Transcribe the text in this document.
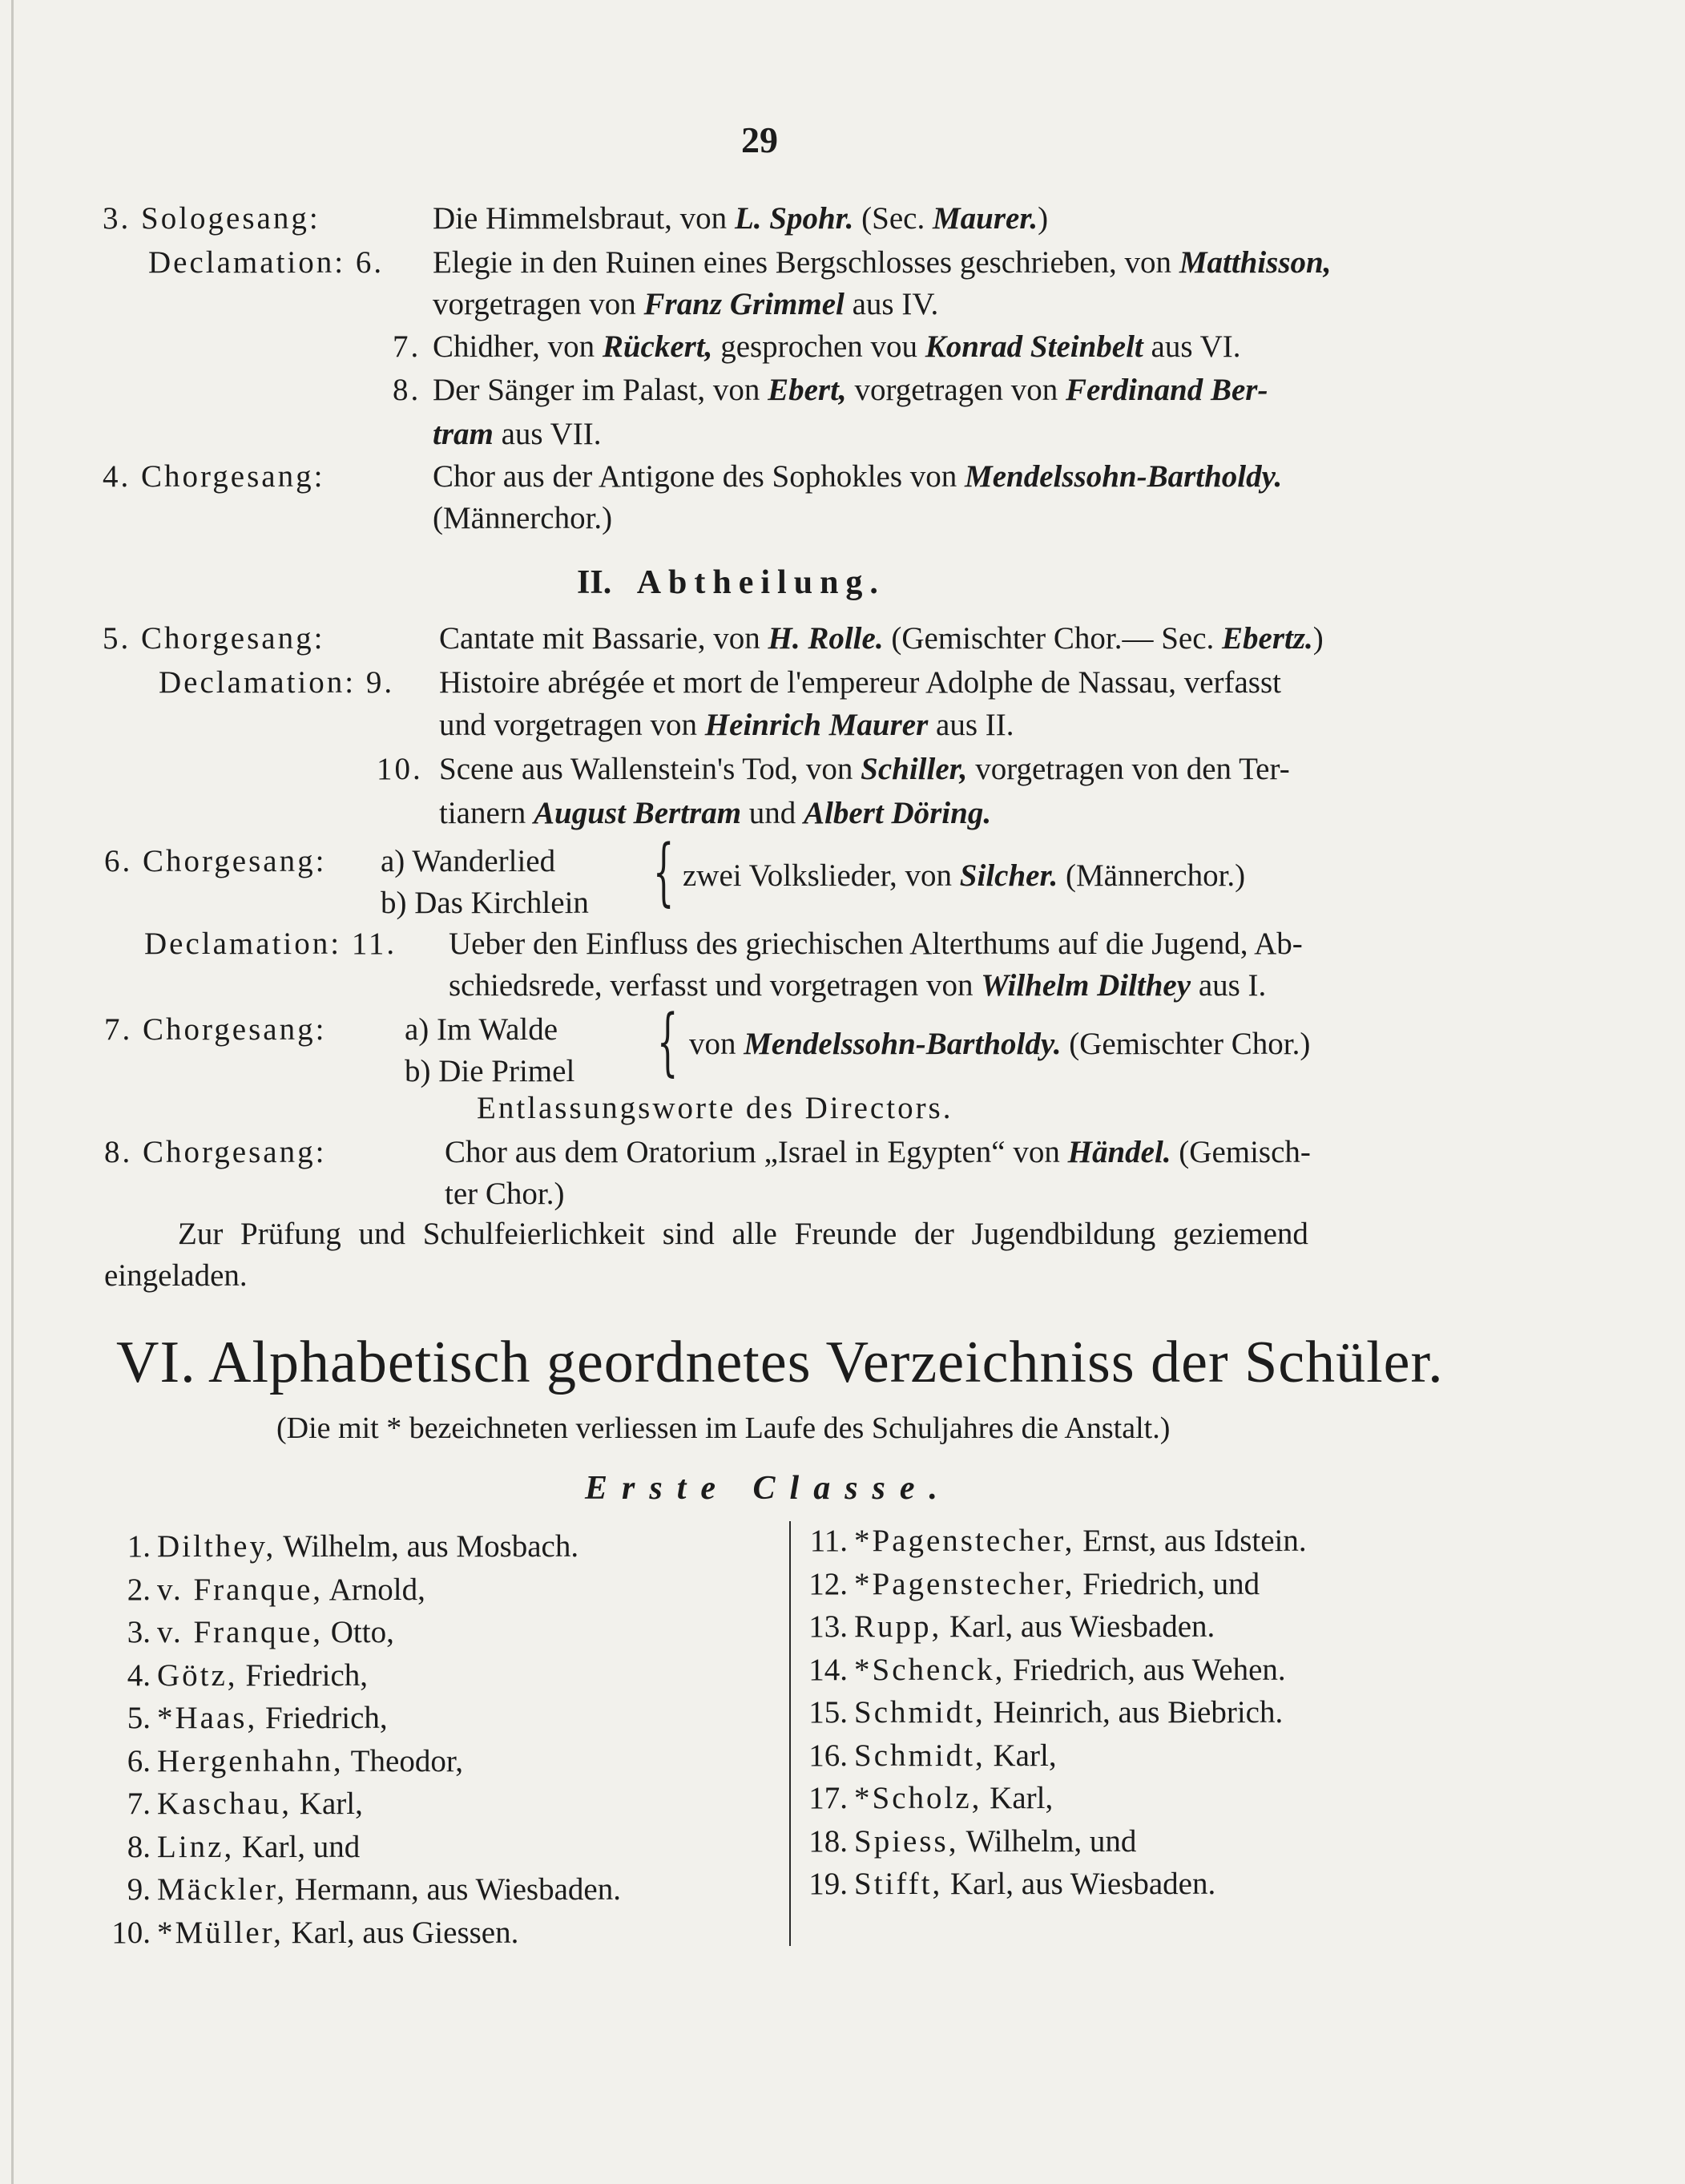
29
3. Sologesang:	Die Himmelsbraut, von L. Spohr. (Sec. Maurer.)
Declamation: 6. Elegie in den Ruinen eines Bergschlosses geschrieben, von Matthisson,
vorgetragen von Franz Grimmel aus IV.
7. Chidher, von Rückert, gesprochen vou Konrad Steinbelt aus VI.
8. Der Sänger im Palast, von Ebert, vorgetragen von Ferdinand Ber-
tram aus VII.
4. Chorgesang:	Chor aus der Antigone des Sophokles von Mendelssohn-Bartholdy.
(Männerchor.)
II. Abtheilung.
5. Chorgesang:	Cantate mit Bassarie, von H. Rolle. (Gemischter Chor.— Sec. Ebertz.)
Declamation: 9. Histoire abrégée et mort de l'empereur Adolphe de Nassau, verfasst
und vorgetragen von Heinrich Maurer aus II.
10. Scene aus Wallenstein's Tod, von Schiller, vorgetragen von den Ter-
tianern August Bertram und Albert Döring.
6. Chorgesang: a) Wanderlied
b) Das Kirchlein { zwei Volkslieder, von Silcher. (Männerchor.)
Declamation: 11. Ueber den Einfluss des griechischen Alterthums auf die Jugend, Ab-
schiedsrede, verfasst und vorgetragen von Wilhelm Dilthey aus I.
7. Chorgesang:	a) Im Walde
b) Die Primel { von Mendelssohn-Bartholdy. (Gemischter Chor.)
Entlassungsworte des Directors.
8. Chorgesang:	Chor aus dem Oratorium „Israel in Egypten“ von Händel. (Gemisch-
ter Chor.)
Zur Prüfung und Schulfeierlichkeit sind alle Freunde der Jugendbildung geziemend
eingeladen.
VI. Alphabetisch geordnetes Verzeichniss der Schüler.
(Die mit * bezeichneten verliessen im Laufe des Schuljahres die Anstalt.)
Erste Classe.
1. Dilthey, Wilhelm, aus Mosbach.
2. v. Franque, Arnold,
3. v. Franque, Otto,
4. Götz, Friedrich,
5. *Haas, Friedrich,
6. Hergenhahn, Theodor,
7. Kaschau, Karl,
8. Linz, Karl, und
9. Mäckler, Hermann, aus Wiesbaden.
10. *Müller, Karl, aus Giessen.
11. *Pagenstecher, Ernst, aus Idstein.
12. *Pagenstecher, Friedrich, und
13. Rupp, Karl, aus Wiesbaden.
14. *Schenck, Friedrich, aus Wehen.
15. Schmidt, Heinrich, aus Biebrich.
16. Schmidt, Karl,
17. *Scholz, Karl,
18. Spiess, Wilhelm, und
19. Stifft, Karl, aus Wiesbaden.
